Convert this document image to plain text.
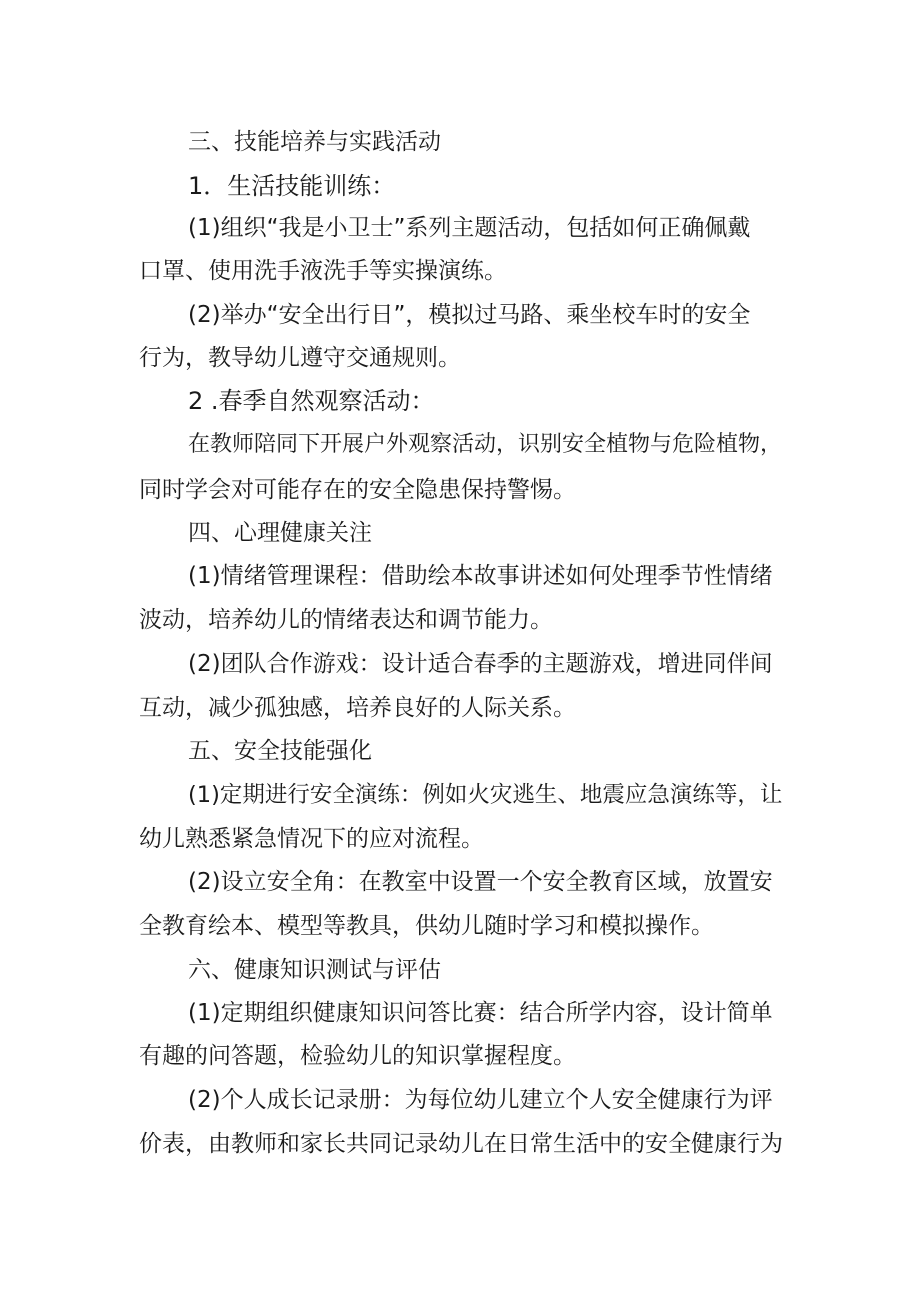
三、技能培养与实践活动
1．生活技能训练：
(1)组织“我是小卫士”系列主题活动，包括如何正确佩戴
口罩、使用洗手液洗手等实操演练。
(2)举办“安全出行日”，模拟过马路、乘坐校车时的安全
行为，教导幼儿遵守交通规则。
2 .春季自然观察活动：
在教师陪同下开展户外观察活动，识别安全植物与危险植物，
同时学会对可能存在的安全隐患保持警惕。
四、心理健康关注
(1)情绪管理课程：借助绘本故事讲述如何处理季节性情绪
波动，培养幼儿的情绪表达和调节能力。
(2)团队合作游戏：设计适合春季的主题游戏，增进同伴间
互动，减少孤独感，培养良好的人际关系。
五、安全技能强化
(1)定期进行安全演练：例如火灾逃生、地震应急演练等，让
幼儿熟悉紧急情况下的应对流程。
(2)设立安全角：在教室中设置一个安全教育区域，放置安
全教育绘本、模型等教具，供幼儿随时学习和模拟操作。
六、健康知识测试与评估
(1)定期组织健康知识问答比赛：结合所学内容，设计简单
有趣的问答题，检验幼儿的知识掌握程度。
(2)个人成长记录册：为每位幼儿建立个人安全健康行为评
价表，由教师和家长共同记录幼儿在日常生活中的安全健康行为
